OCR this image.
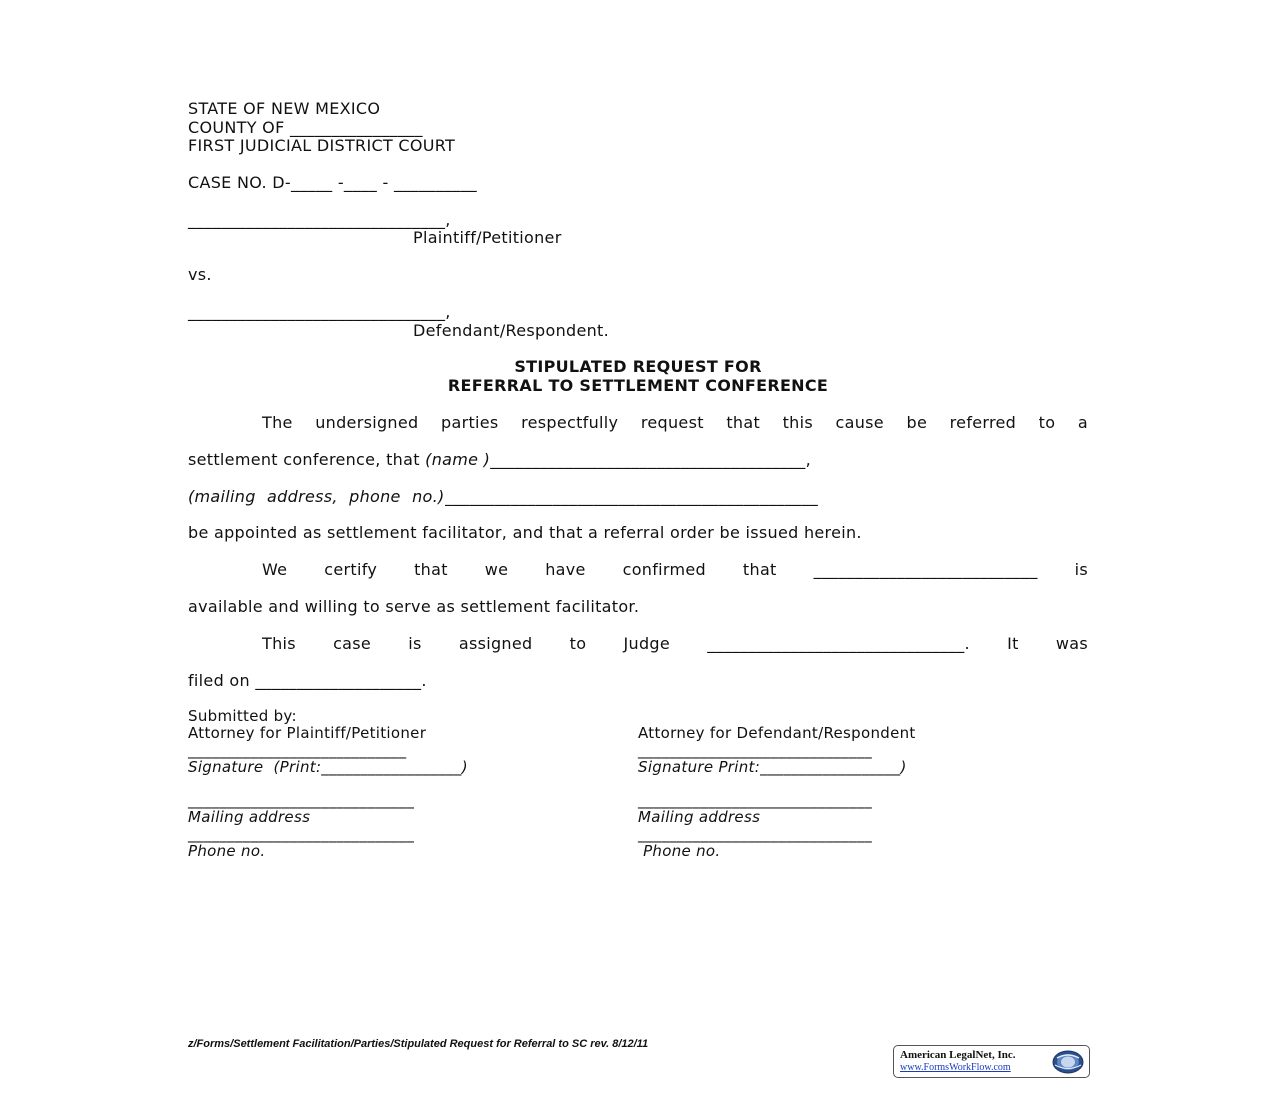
STATE OF NEW MEXICO
COUNTY OF ________________
FIRST JUDICIAL DISTRICT COURT
CASE NO. D-_____ -____ - __________
_______________________________,
Plaintiff/Petitioner
vs.
_______________________________,
Defendant/Respondent.
STIPULATED REQUEST FOR
REFERRAL TO SETTLEMENT CONFERENCE
The undersigned parties respectfully request that this cause be referred to a
settlement conference, that (name )______________________________________,
(mailing address, phone no.) _____________________________________________
be appointed as settlement facilitator, and that a referral order be issued herein.
We certify that we have confirmed that ___________________________ is
available and willing to serve as settlement facilitator.
This case is assigned to Judge _______________________________. It was
filed on ____________________.
Submitted by:
Attorney for Plaintiff/Petitioner
____________________________
Signature  (Print:__________________)
_____________________________
Mailing address
_____________________________
Phone no.
Attorney for Defendant/Respondent
______________________________
Signature Print:__________________)
______________________________
Mailing address
______________________________
Phone no.
z/Forms/Settlement Facilitation/Parties/Stipulated Request for Referral to SC rev. 8/12/11
American LegalNet, Inc.
www.FormsWorkFlow.com
